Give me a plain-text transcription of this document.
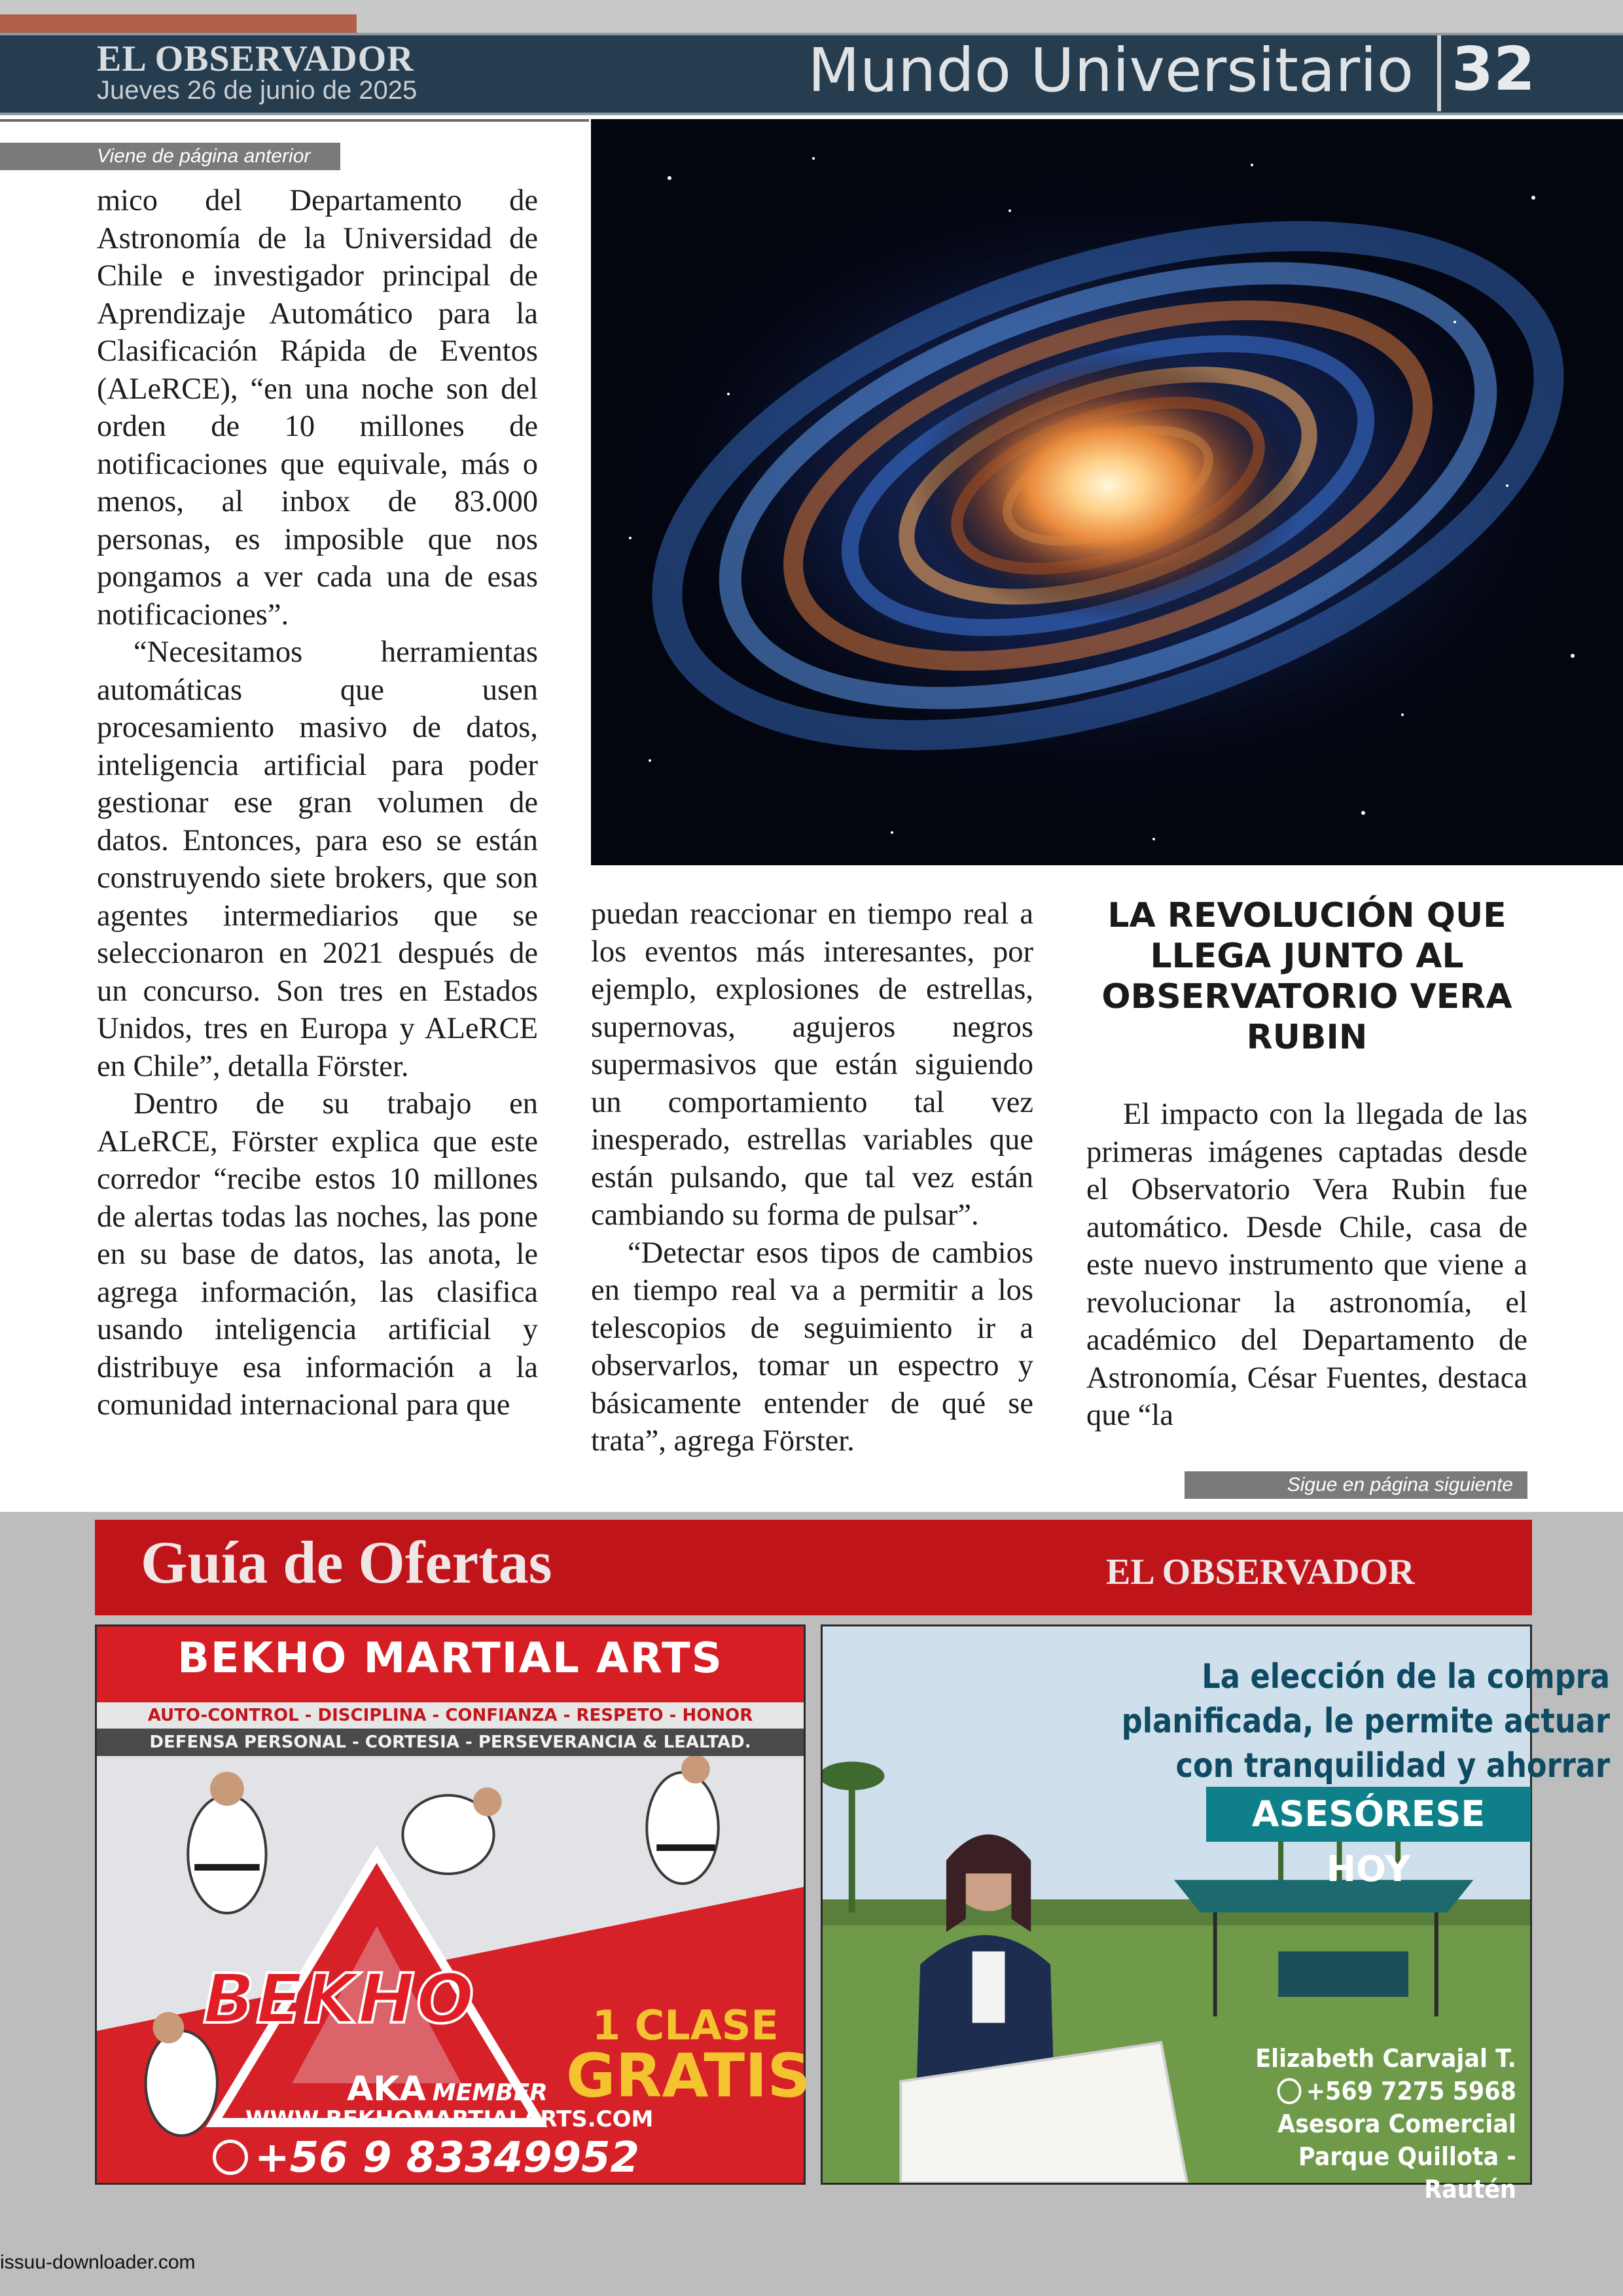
EL OBSERVADOR
Jueves 26 de junio de 2025	Mundo Universitario 32
Viene de página anterior

mico del Departamento de Astronomía de la Universidad de Chile e investigador principal de Aprendizaje Automático para la Clasificación Rápida de Eventos (ALeRCE), “en una noche son del orden de 10 millones de notificaciones que equivale, más o menos, al inbox de 83.000 personas, es imposible que nos pongamos a ver cada una de esas notificaciones”.

“Necesitamos herramientas automáticas que usen procesamiento masivo de datos, inteligencia artificial para poder gestionar ese gran volumen de datos. Entonces, para eso se están construyendo siete brokers, que son agentes intermediarios que se seleccionaron en 2021 después de un concurso. Son tres en Estados Unidos, tres en Europa y ALeRCE en Chile”, detalla Förster.

Dentro de su trabajo en ALeRCE, Förster explica que este corredor “recibe estos 10 millones de alertas todas las noches, las pone en su base de datos, las anota, le agrega información, las clasifica usando inteligencia artificial y distribuye esa información a la comunidad internacional para que

puedan reaccionar en tiempo real a los eventos más interesantes, por ejemplo, explosiones de estrellas, supernovas, agujeros negros supermasivos que están siguiendo un comportamiento tal vez inesperado, estrellas variables que están pulsando, que tal vez están cambiando su forma de pulsar”.

“Detectar esos tipos de cambios en tiempo real va a permitir a los telescopios de seguimiento ir a observarlos, tomar un espectro y básicamente entender de qué se trata”, agrega Förster.

LA REVOLUCIÓN QUE LLEGA JUNTO AL OBSERVATORIO VERA RUBIN

El impacto con la llegada de las primeras imágenes captadas desde el Observatorio Vera Rubin fue automático. Desde Chile, casa de este nuevo instrumento que viene a revolucionar la astronomía, el académico del Departamento de Astronomía, César Fuentes, destaca que “la

Sigue en página siguiente
Guía de Ofertas	EL OBSERVADOR
BEKHO MARTIAL ARTS
AUTO-CONTROL - DISCIPLINA - CONFIANZA - RESPETO - HONOR
DEFENSA PERSONAL - CORTESIA - PERSEVERANCIA & LEALTAD.
BEKHO
AKA MEMBER
1 CLASE
GRATIS
WWW.BEKHOMARTIALARTS.COM
+56 9 83349952
La elección de la compra
planificada, le permite actuar
con tranquilidad y ahorrar
ASESÓRESE HOY
Elizabeth Carvajal T.
+569 7275 5968
Asesora Comercial
Parque Quillota - Rautén
issuu-downloader.com
